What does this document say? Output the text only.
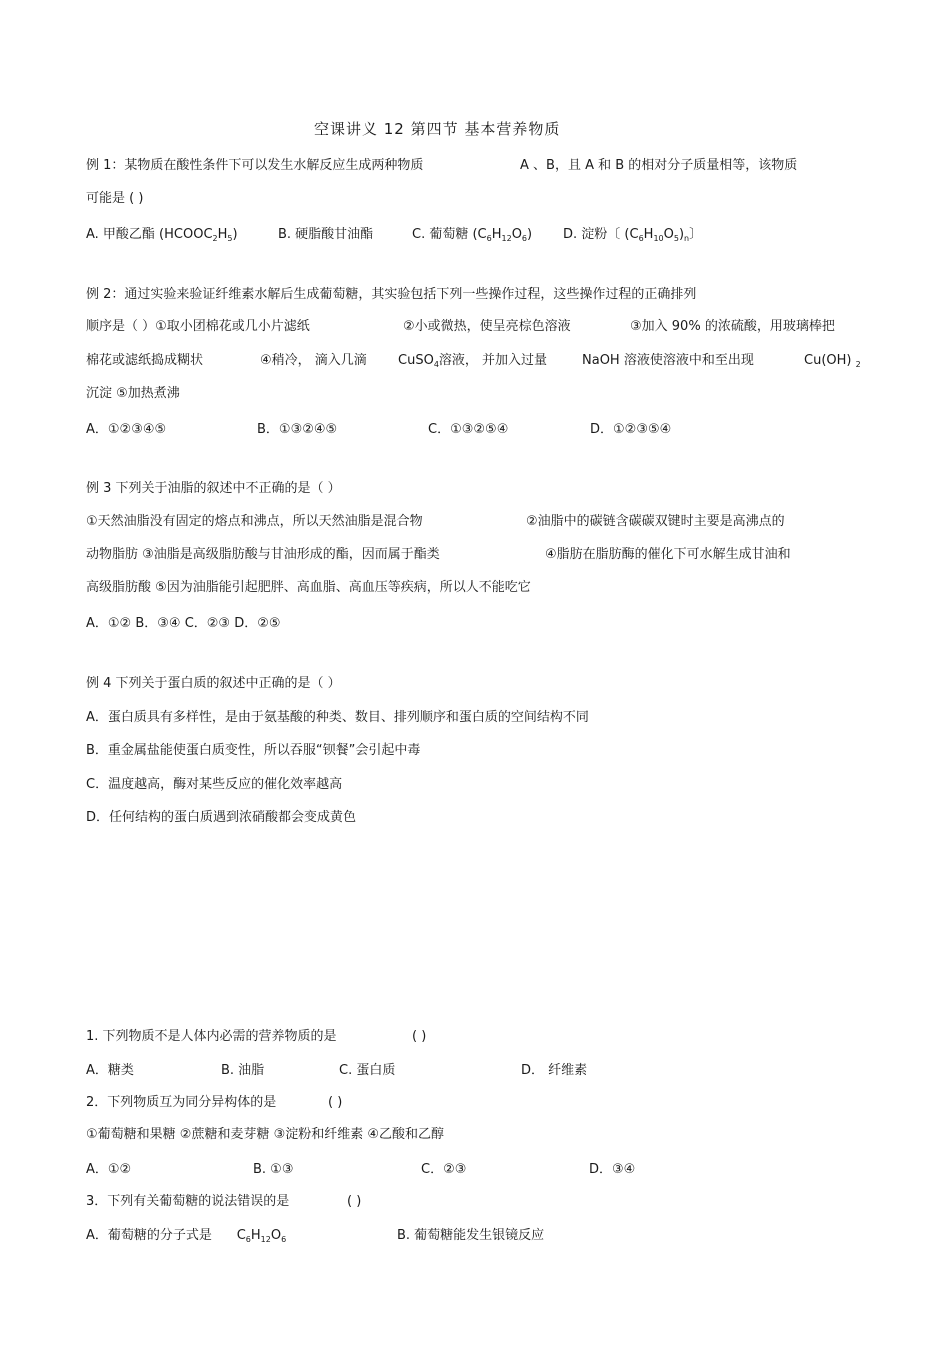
空课讲义 12 第四节 基本营养物质
例 1：某物质在酸性条件下可以发生水解反应生成两种物质	A 、B，且 A 和 B 的相对分子质量相等，该物质
可能是 ( )
A. 甲酸乙酯 $(HCOOC_2H_5)$	B. 硬脂酸甘油酯	C. 葡萄糖 $(C_6H_{12}O_6)$ D. 淀粉〔 $(C_6H_{10}O_5)_n$〕
例 2：通过实验来验证纤维素水解后生成葡萄糖，其实验包括下列一些操作过程，这些操作过程的正确排列
顺序是（ ）①取小团棉花或几小片滤纸	②小或微热，使呈亮棕色溶液	③加入 90% 的浓硫酸，用玻璃棒把
棉花或滤纸捣成糊状	④稍冷， 滴入几滴 CuSO$_4$溶液， 并加入过量	NaOH 溶液使溶液中和至出现	Cu(OH) $_2$
沉淀 ⑤加热煮沸
A．①②③④⑤	B．①③②④⑤	C．①③②⑤④	D．①②③⑤④
例 3 下列关于油脂的叙述中不正确的是（ ）
①天然油脂没有固定的熔点和沸点，所以天然油脂是混合物	②油脂中的碳链含碳碳双键时主要是高沸点的
动物脂肪 ③油脂是高级脂肪酸与甘油形成的酯，因而属于酯类	④脂肪在脂肪酶的催化下可水解生成甘油和
高级脂肪酸 ⑤因为油脂能引起肥胖、高血脂、高血压等疾病，所以人不能吃它
A．①② B．③④ C．②③ D．②⑤
例 4 下列关于蛋白质的叙述中正确的是（ ）
A．蛋白质具有多样性，是由于氨基酸的种类、数目、排列顺序和蛋白质的空间结构不同
B．重金属盐能使蛋白质变性，所以吞服“钡餐”会引起中毒
C．温度越高，酶对某些反应的催化效率越高
D．任何结构的蛋白质遇到浓硝酸都会变成黄色
1. 下列物质不是人体内必需的营养物质的是	( )
A．糖类	B. 油脂	C. 蛋白质	D． 纤维素
2．下列物质互为同分异构体的是	( )
①葡萄糖和果糖 ②蔗糖和麦芽糖 ③淀粉和纤维素 ④乙酸和乙醇
A．①②	B. ①③	C．②③	D．③④
3．下列有关葡萄糖的说法错误的是	( )
A．葡萄糖的分子式是 $C_6H_{12}O_6$	B. 葡萄糖能发生银镜反应
